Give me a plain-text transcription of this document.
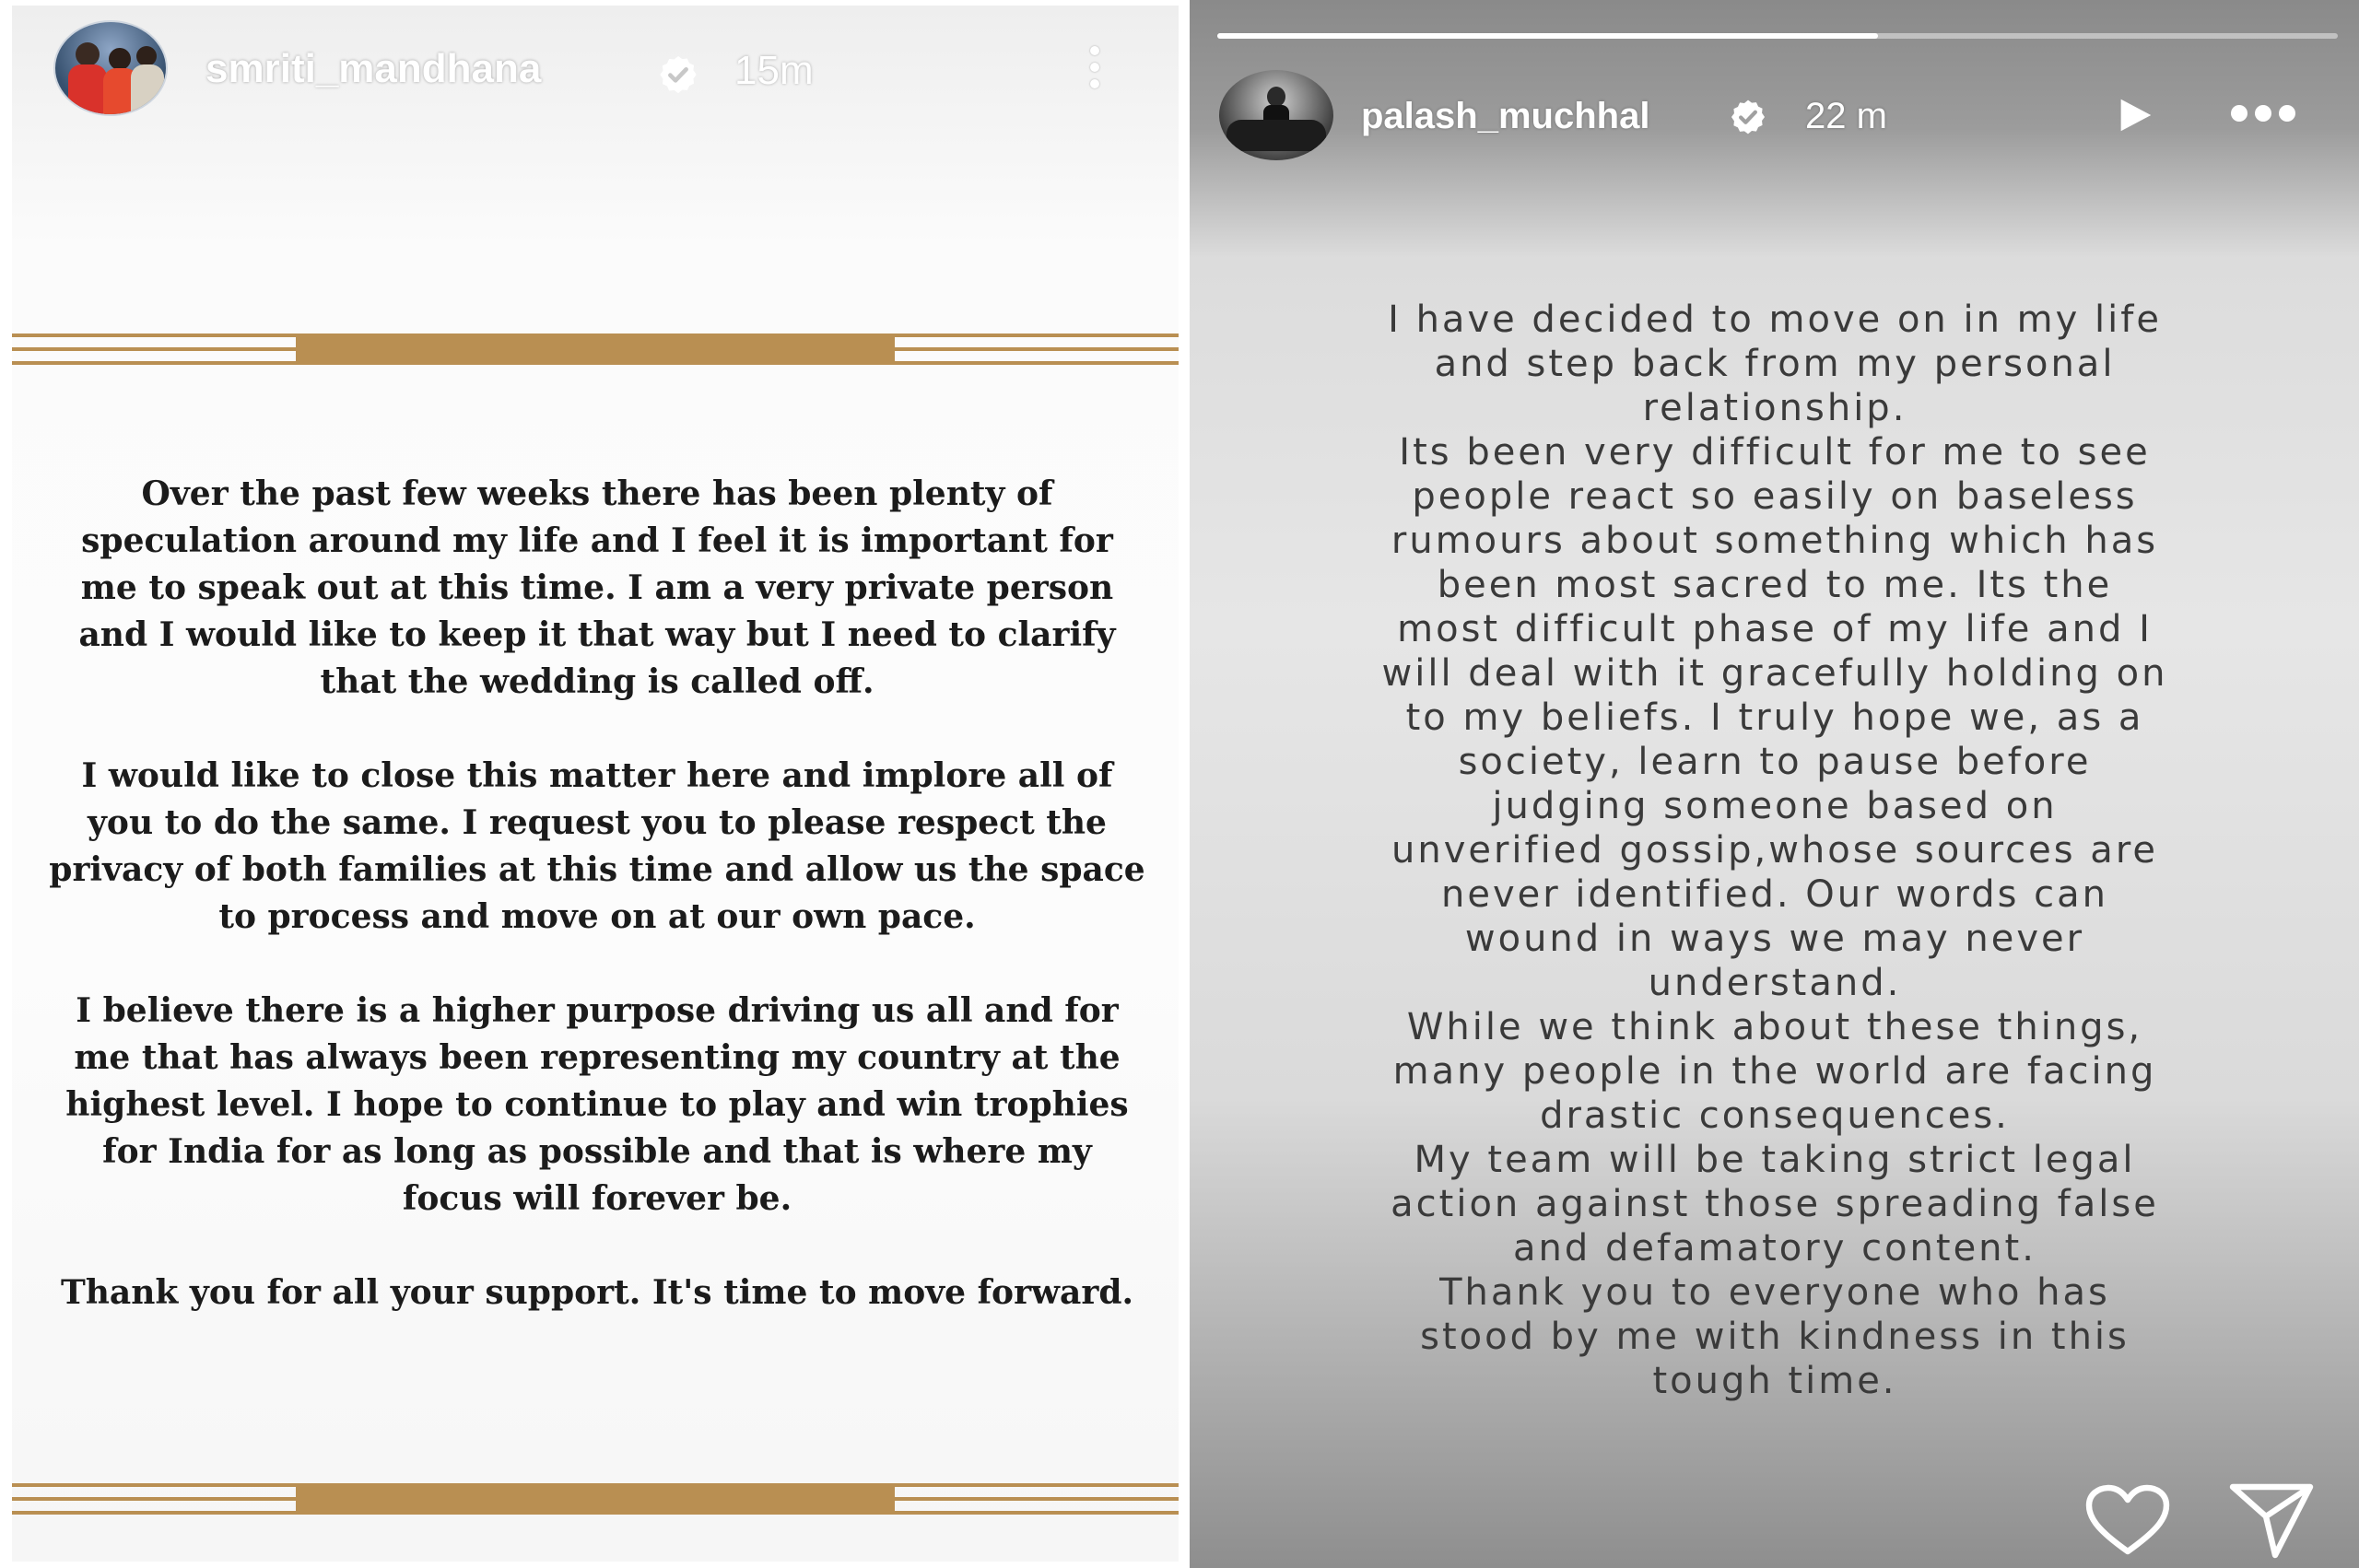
smriti_mandhana	15m

Over the past few weeks there has been plenty of
speculation around my life and I feel it is important for
me to speak out at this time. I am a very private person
and I would like to keep it that way but I need to clarify
that the wedding is called off.

I would like to close this matter here and implore all of
you to do the same. I request you to please respect the
privacy of both families at this time and allow us the space
to process and move on at our own pace.

I believe there is a higher purpose driving us all and for
me that has always been representing my country at the
highest level. I hope to continue to play and win trophies
for India for as long as possible and that is where my
focus will forever be.

Thank you for all your support. It's time to move forward.

palash_muchhal	22 m
I have decided to move on in my life
and step back from my personal
relationship.
Its been very difficult for me to see
people react so easily on baseless
rumours about something which has
been most sacred to me. Its the
most difficult phase of my life and I
will deal with it gracefully holding on
to my beliefs. I truly hope we, as a
society, learn to pause before
judging someone based on
unverified gossip,whose sources are
never identified. Our words can
wound in ways we may never
understand.
While we think about these things,
many people in the world are facing
drastic consequences.
My team will be taking strict legal
action against those spreading false
and defamatory content.
Thank you to everyone who has
stood by me with kindness in this
tough time.
